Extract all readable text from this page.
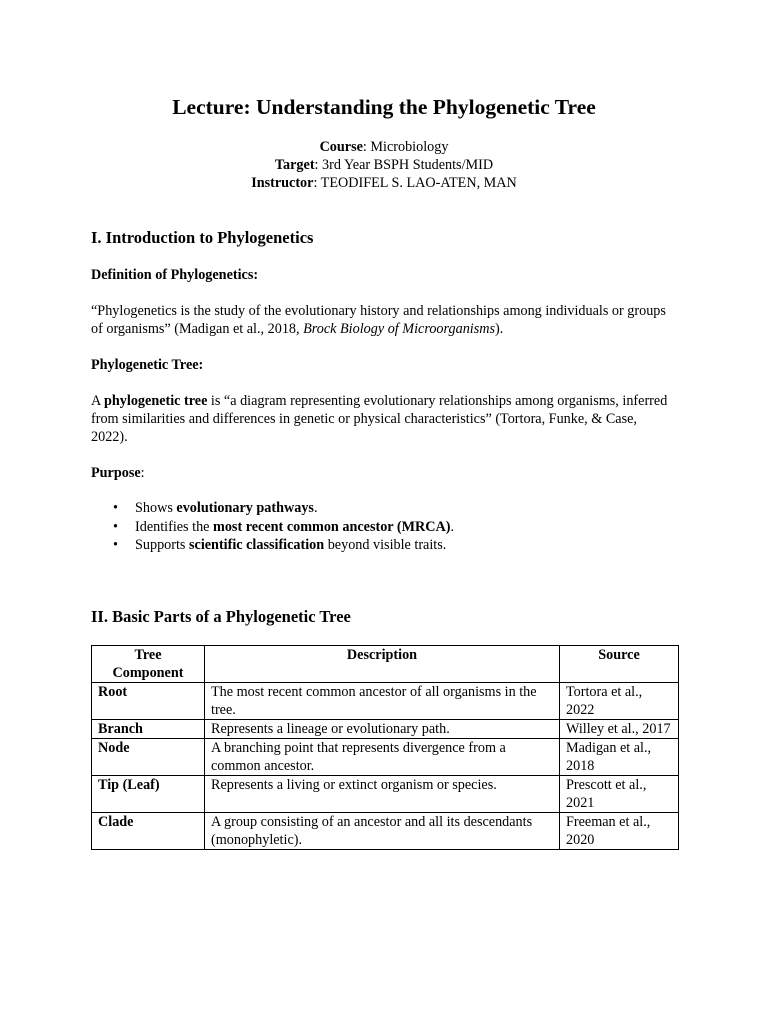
Lecture: Understanding the Phylogenetic Tree
Course: Microbiology
Target: 3rd Year BSPH Students/MID
Instructor: TEODIFEL S. LAO-ATEN, MAN
I. Introduction to Phylogenetics

Definition of Phylogenetics:

“Phylogenetics is the study of the evolutionary history and relationships among individuals or groups of organisms” (Madigan et al., 2018, Brock Biology of Microorganisms).

Phylogenetic Tree:

A phylogenetic tree is “a diagram representing evolutionary relationships among organisms, inferred from similarities and differences in genetic or physical characteristics” (Tortora, Funke, & Case, 2022).

Purpose:

• Shows evolutionary pathways.
• Identifies the most recent common ancestor (MRCA).
• Supports scientific classification beyond visible traits.
II. Basic Parts of a Phylogenetic Tree
Tree Component	Description	Source
Root	The most recent common ancestor of all organisms in the tree.	Tortora et al., 2022
Branch	Represents a lineage or evolutionary path.	Willey et al., 2017
Node	A branching point that represents divergence from a common ancestor.	Madigan et al., 2018
Tip (Leaf)	Represents a living or extinct organism or species.	Prescott et al., 2021
Clade	A group consisting of an ancestor and all its descendants (monophyletic).	Freeman et al., 2020
